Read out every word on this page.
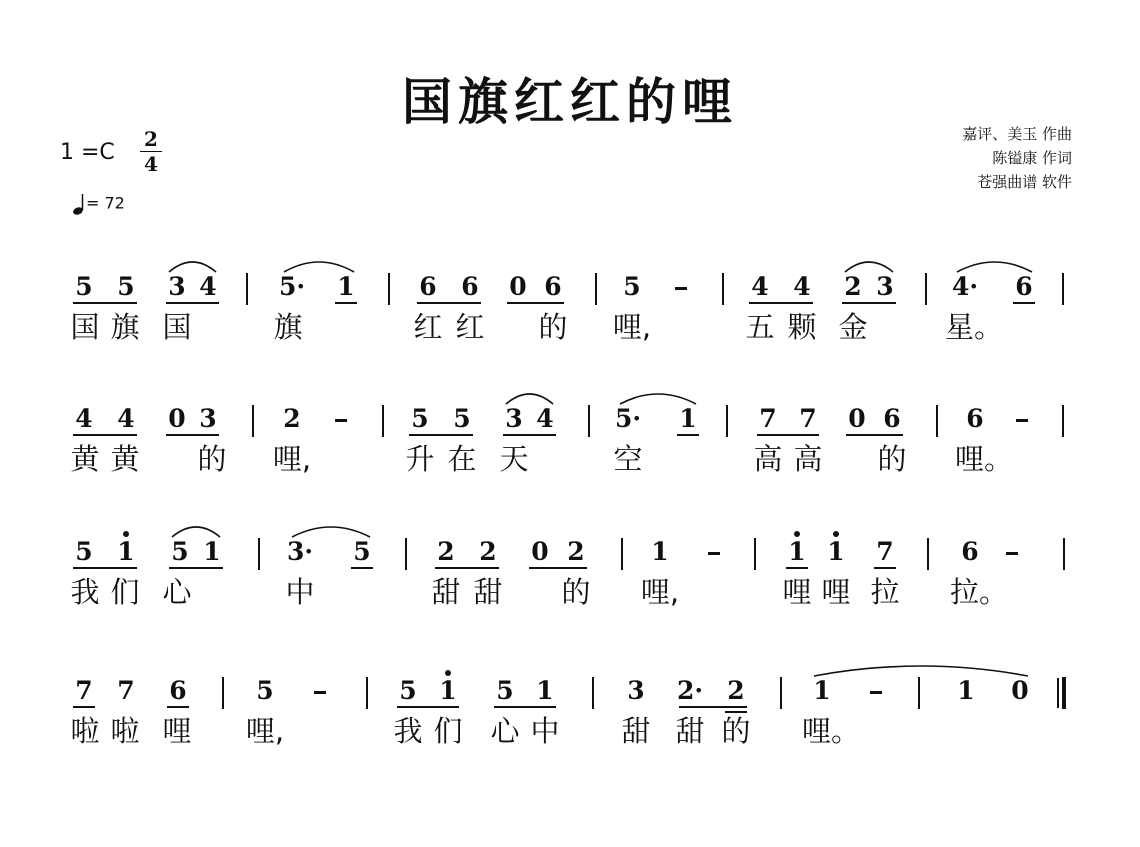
国旗红红的哩
1 =C
2
4
= 72
嘉评、美玉 作曲
陈镒康 作词
苍强曲谱 软件
5 5 3 4 5· 1	6 6 0 6 5	4 4 2 3 4· 6
国 旗 国	旗	红 红 的 哩,	五 颗 金	星。
4 4 0 3	2	5 5 3 4 5· 1	7 7 0 6	6
黄 黄 的 哩,	升 在 天	空	高 高 的 哩。
5 1 5 1	3· 5	2 2 0 2	1	1 1 7	6
我 们 心	中	甜 甜 的 哩,	哩 哩 拉 拉。
7 7 6	5	5 1 5 1	3 2· 2	1	1 0
啦 啦 哩 哩,	我 们 心 中 甜 甜 的 哩。
